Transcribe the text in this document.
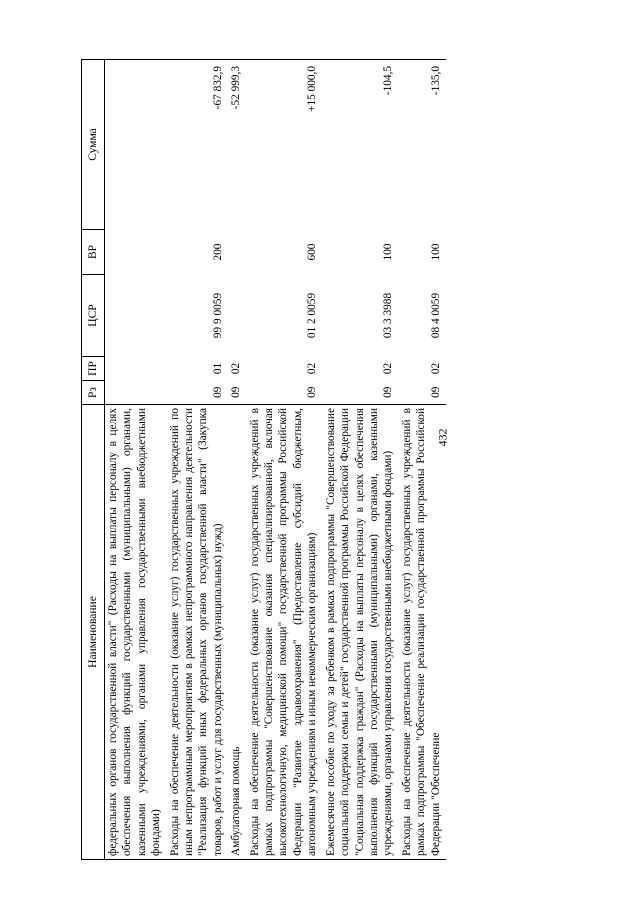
432
Наименование	Рз	ПР	ЦСР	ВР	Сумма
федеральных органов государственной власти" (Расходы на выплаты персоналу в целях обеспечения выполнения функций государственными (муниципальными) органами, казенными учреждениями, органами управления государственными внебюджетными фондами)					
Расходы на обеспечение деятельности (оказание услуг) государственных учреждений по иным непрограммным мероприятиям в рамках непрограммного направления деятельности "Реализация функций иных федеральных органов государственной власти" (Закупка товаров, работ и услуг для государственных (муниципальных) нужд)	09	01	99 9 0059	200	-67 832,9
Амбулаторная помощь	09	02			-52 999,3
Расходы на обеспечение деятельности (оказание услуг) государственных учреждений в рамках подпрограммы "Совершенствование оказания специализированной, включая высокотехнологичную, медицинской помощи" государственной программы Российской Федерации "Развитие здравоохранения" (Предоставление субсидий бюджетным, автономным учреждениям и иным некоммерческим организациям)	09	02	01 2 0059	600	+15 000,0
Ежемесячное пособие по уходу за ребенком в рамках подпрограммы "Совершенствование социальной поддержки семьи и детей" государственной программы Российской Федерации "Социальная поддержка граждан" (Расходы на выплаты персоналу в целях обеспечения выполнения функций государственными (муниципальными) органами, казенными учреждениями, органами управления государственными внебюджетными фондами)	09	02	03 3 3988	100	-104,5
Расходы на обеспечение деятельности (оказание услуг) государственных учреждений в рамках подпрограммы "Обеспечение реализации государственной программы Российской Федерации "Обеспечение	09	02	08 4 0059	100	-135,0
